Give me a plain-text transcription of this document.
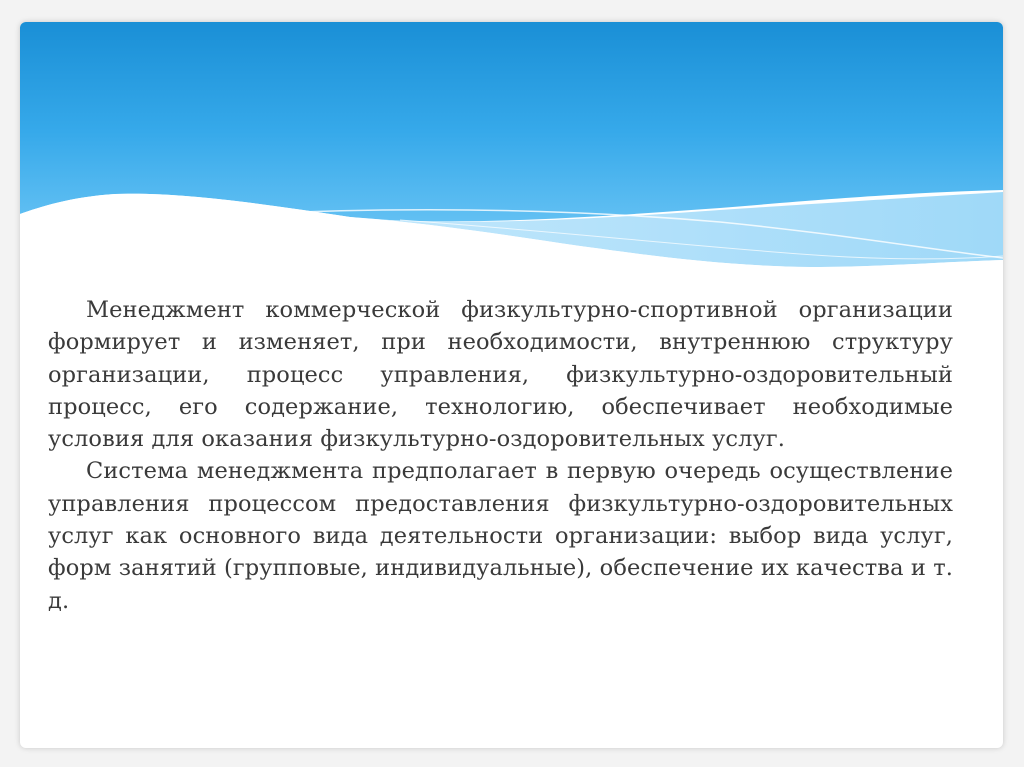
Менеджмент коммерческой физкультурно-спортивной организации формирует и изменяет, при необходимости, внутреннюю структуру организации, процесс управления, физкультурно-оздоровительный процесс, его содержание, технологию, обеспечивает необходимые условия для оказания физкультурно-оздоровительных услуг.

Система менеджмента предполагает в первую очередь осуществление управления процессом предоставления физкультурно-оздоровительных услуг как основного вида деятельности организации: выбор вида услуг, форм занятий (групповые, индивидуальные), обеспечение их качества и т. д.
